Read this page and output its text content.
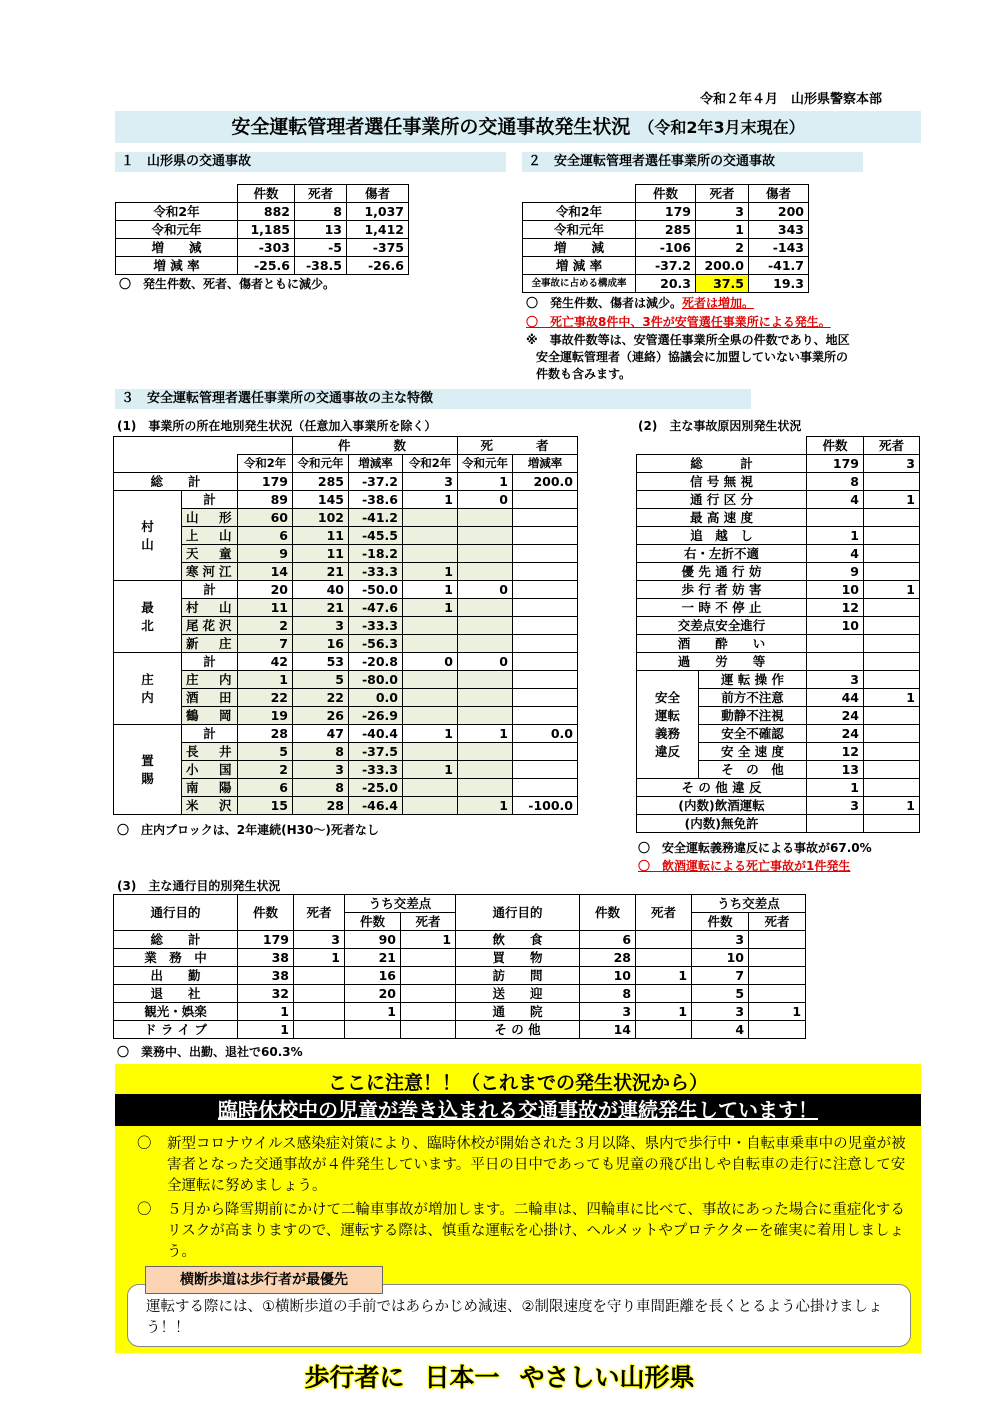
令和２年４月　山形県警察本部
安全運転管理者選任事業所の交通事故発生状況 （令和2年3月末現在）
１　山形県の交通事故
	件数	死者	傷者
令和2年	882	8	1,037
令和元年	1,185	13	1,412
増　　減	-303	-5	-375
増 減 率	-25.6	-38.5	-26.6
〇　発生件数、死者、傷者ともに減少。
２　安全運転管理者選任事業所の交通事故
	件数	死者	傷者
令和2年	179	3	200
令和元年	285	1	343
増　　減	-106	2	-143
増 減 率	-37.2	200.0	-41.7
全事故に占める構成率	20.3	37.5	19.3
〇　発生件数、傷者は減少。死者は増加。
〇　死亡事故8件中、3件が安管選任事業所による発生。
※　事故件数等は、安管選任事業所全県の件数であり、地区
安全運転管理者（連絡）協議会に加盟していない事業所の
件数も含みます。
３　安全運転管理者選任事業所の交通事故の主な特徴
(1)　事業所の所在地別発生状況（任意加入事業所を除く）
			件　　数			死　　者	
		令和2年	令和元年	増減率	令和2年	令和元年	増減率
総　　計		179	285	-37.2	3	1	200.0

村
山	計	89	145	-38.6	1	0	
	山　形	60	102	-41.2			
	上　山	6	11	-45.5			
	天　童	9	11	-18.2			
	寒河江	14	21	-33.3	1		

最
北	計	20	40	-50.0	1	0	
	村　山	11	21	-47.6	1		
	尾花沢	2	3	-33.3			
	新　庄	7	16	-56.3			

庄
内	計	42	53	-20.8	0	0	
	庄　内	1	5	-80.0			
	酒　田	22	22	0.0			
	鶴　岡	19	26	-26.9			

置
賜	計	28	47	-40.4	1	1	0.0
	長　井	5	8	-37.5			
	小　国	2	3	-33.3	1		
	南　陽	6	8	-25.0			
	米　沢	15	28	-46.4		1	-100.0
〇　庄内ブロックは、2年連続(H30～)死者なし
(2)　主な事故原因別発生状況
		件数	死者
総　　　計		179	3
信 号 無 視		8	
通 行 区 分		4	1
最 高 速 度			
追　越　し		1	
右・左折不適		4	
優 先 通 行 妨		9	
歩 行 者 妨 害		10	1
一 時 不 停 止		12	
交差点安全進行		10	
酒　　酔　　い			
過　　労　　等			

安全
運転
義務
違反	運 転 操 作	3	
	前方不注意	44	1
	動静不注視	24	
	安全不確認	24	
	安 全 速 度	12	
	そ　の　他	13	
そ の 他 違 反		1	
(内数)飲酒運転		3	1
(内数)無免許			
〇　安全運転義務違反による事故が67.0%
〇　飲酒運転による死亡事故が1件発生
(3)　主な通行目的別発生状況
通行目的	件数	死者	うち交差点		通行目的	件数	死者	うち交差点	
			件数	死者				件数	死者
総　　計	179	3	90	1	飲　　食	6		3	
業　務　中	38	1	21		買　　物	28		10	
出　　勤	38		16		訪　　問	10	1	7	
退　　社	32		20		送　　迎	8		5	
観光・娯楽	1		1		通　　院	3	1	3	1
ド ラ イ ブ	1				そ の 他	14		4	
〇　業務中、出勤、退社で60.3%
ここに注意！！（これまでの発生状況から）
臨時休校中の児童が巻き込まれる交通事故が連続発生しています！
〇 新型コロナウイルス感染症対策により、臨時休校が開始された３月以降、県内で歩行中・自転車乗車中の児童が被害者となった交通事故が４件発生しています。平日の日中であっても児童の飛び出しや自転車の走行に注意して安全運転に努めましょう。
〇 ５月から降雪期前にかけて二輪車事故が増加します。二輪車は、四輪車に比べて、事故にあった場合に重症化するリスクが高まりますので、運転する際は、慎重な運転を心掛け、ヘルメットやプロテクターを確実に着用しましょう。
運転する際には、①横断歩道の手前ではあらかじめ減速、②制限速度を守り車間距離を長くとるよう心掛けましょう！！
横断歩道は歩行者が最優先
歩行者に 日本一 やさしい山形県
